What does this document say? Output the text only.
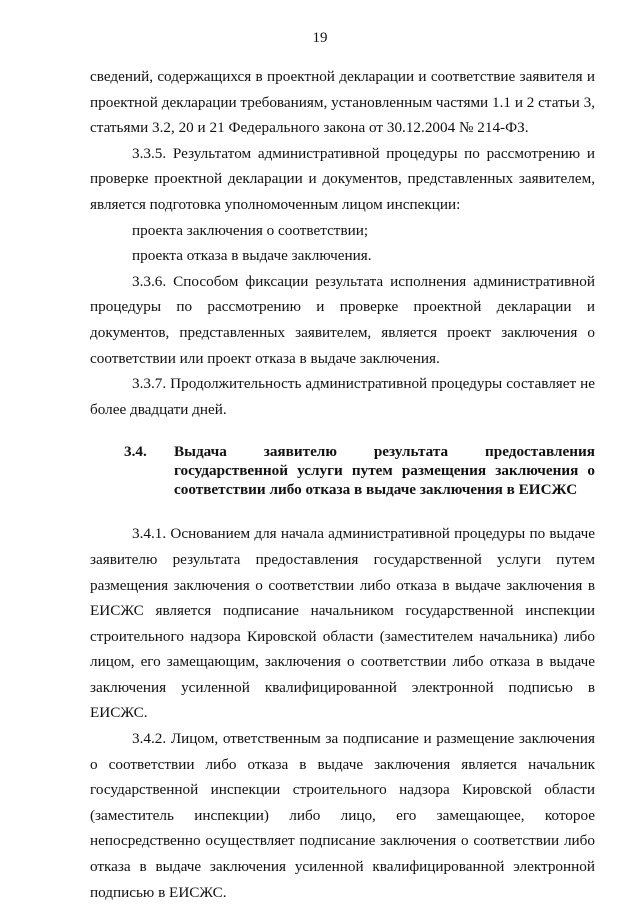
19

сведений, содержащихся в проектной декларации и соответствие заявителя и проектной декларации требованиям, установленным частями 1.1 и 2 статьи 3, статьями 3.2, 20 и 21 Федерального закона от 30.12.2004 № 214-ФЗ.

3.3.5. Результатом административной процедуры по рассмотрению и проверке проектной декларации и документов, представленных заявителем, является подготовка уполномоченным лицом инспекции:

проекта заключения о соответствии;

проекта отказа в выдаче заключения.

3.3.6. Способом фиксации результата исполнения административной процедуры по рассмотрению и проверке проектной декларации и документов, представленных заявителем, является проект заключения о соответствии или проект отказа в выдаче заключения.

3.3.7. Продолжительность административной процедуры составляет не более двадцати дней.

3.4.	Выдача заявителю результата предоставления государственной услуги путем размещения заключения о соответствии либо отказа в выдаче заключения в ЕИСЖС

3.4.1. Основанием для начала административной процедуры по выдаче заявителю результата предоставления государственной услуги путем размещения заключения о соответствии либо отказа в выдаче заключения в ЕИСЖС является подписание начальником государственной инспекции строительного надзора Кировской области (заместителем начальника) либо лицом, его замещающим, заключения о соответствии либо отказа в выдаче заключения усиленной квалифицированной электронной подписью в ЕИСЖС.

3.4.2. Лицом, ответственным за подписание и размещение заключения о соответствии либо отказа в выдаче заключения является начальник государственной инспекции строительного надзора Кировской области (заместитель инспекции) либо лицо, его замещающее, которое непосредственно осуществляет подписание заключения о соответствии либо отказа в выдаче заключения усиленной квалифицированной электронной подписью в ЕИСЖС.
